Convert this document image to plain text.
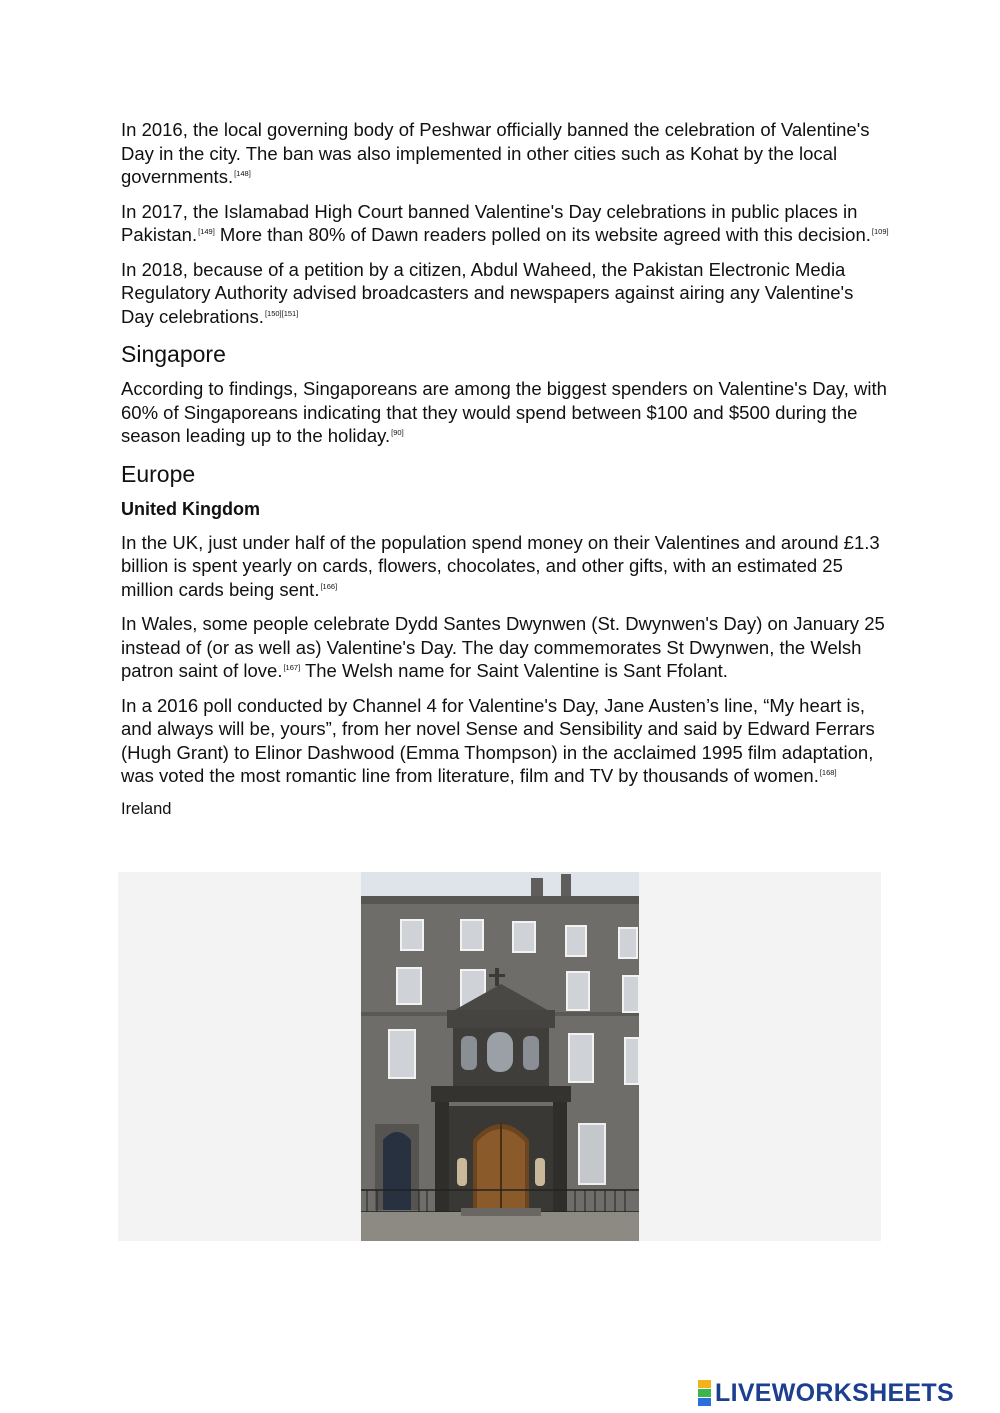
In 2016, the local governing body of Peshwar officially banned the celebration of Valentine's Day in the city. The ban was also implemented in other cities such as Kohat by the local governments.[148]

In 2017, the Islamabad High Court banned Valentine's Day celebrations in public places in Pakistan.[149] More than 80% of Dawn readers polled on its website agreed with this decision.[109]

In 2018, because of a petition by a citizen, Abdul Waheed, the Pakistan Electronic Media Regulatory Authority advised broadcasters and newspapers against airing any Valentine's Day celebrations.[150][151]

Singapore

According to findings, Singaporeans are among the biggest spenders on Valentine's Day, with 60% of Singaporeans indicating that they would spend between $100 and $500 during the season leading up to the holiday.[90]

Europe
United Kingdom

In the UK, just under half of the population spend money on their Valentines and around £1.3 billion is spent yearly on cards, flowers, chocolates, and other gifts, with an estimated 25 million cards being sent.[166]

In Wales, some people celebrate Dydd Santes Dwynwen (St. Dwynwen's Day) on January 25 instead of (or as well as) Valentine's Day. The day commemorates St Dwynwen, the Welsh patron saint of love.[167] The Welsh name for Saint Valentine is Sant Ffolant.

In a 2016 poll conducted by Channel 4 for Valentine's Day, Jane Austen’s line, “My heart is, and always will be, yours”, from her novel Sense and Sensibility and said by Edward Ferrars (Hugh Grant) to Elinor Dashwood (Emma Thompson) in the acclaimed 1995 film adaptation, was voted the most romantic line from literature, film and TV by thousands of women.[168]

Ireland

LIVEWORKSHEETS
